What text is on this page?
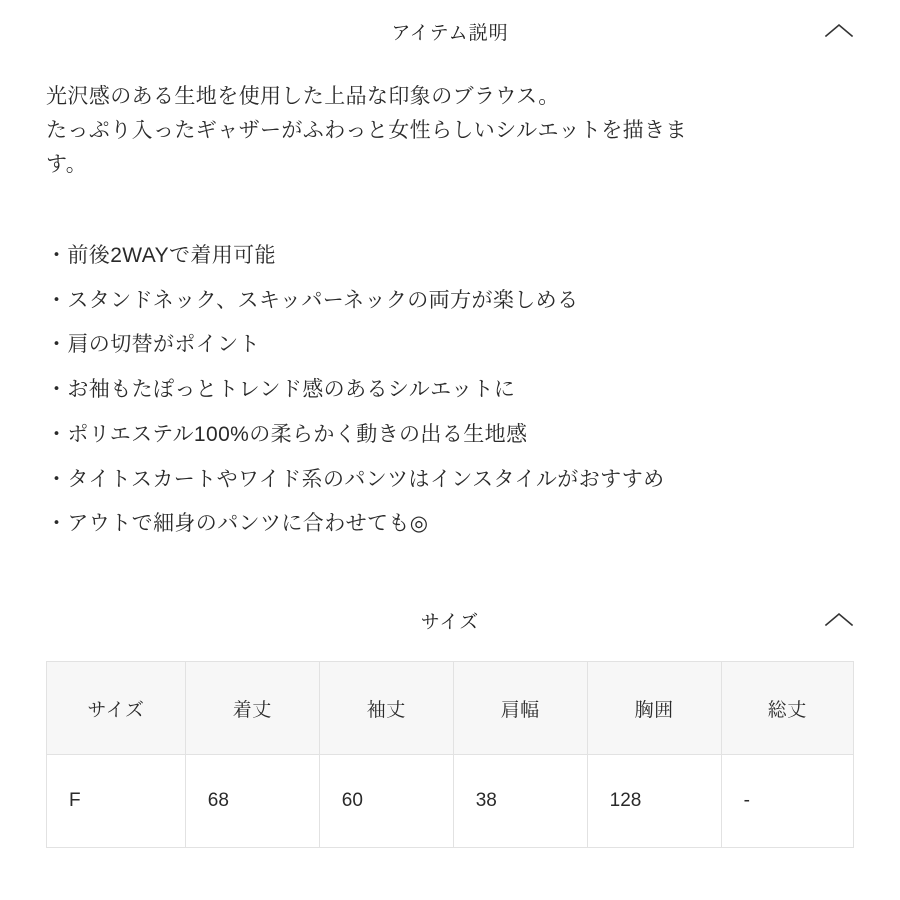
アイテム説明
光沢感のある生地を使用した上品な印象のブラウス。
たっぷり入ったギャザーがふわっと女性らしいシルエットを描きま
す。
・前後2WAYで着用可能
・スタンドネック、スキッパーネックの両方が楽しめる
・肩の切替がポイント
・お袖もたぽっとトレンド感のあるシルエットに
・ポリエステル100%の柔らかく動きの出る生地感
・タイトスカートやワイド系のパンツはインスタイルがおすすめ
・アウトで細身のパンツに合わせても◎
サイズ
サイズ	着丈	袖丈	肩幅	胸囲	総丈
F	68	60	38	128	-
